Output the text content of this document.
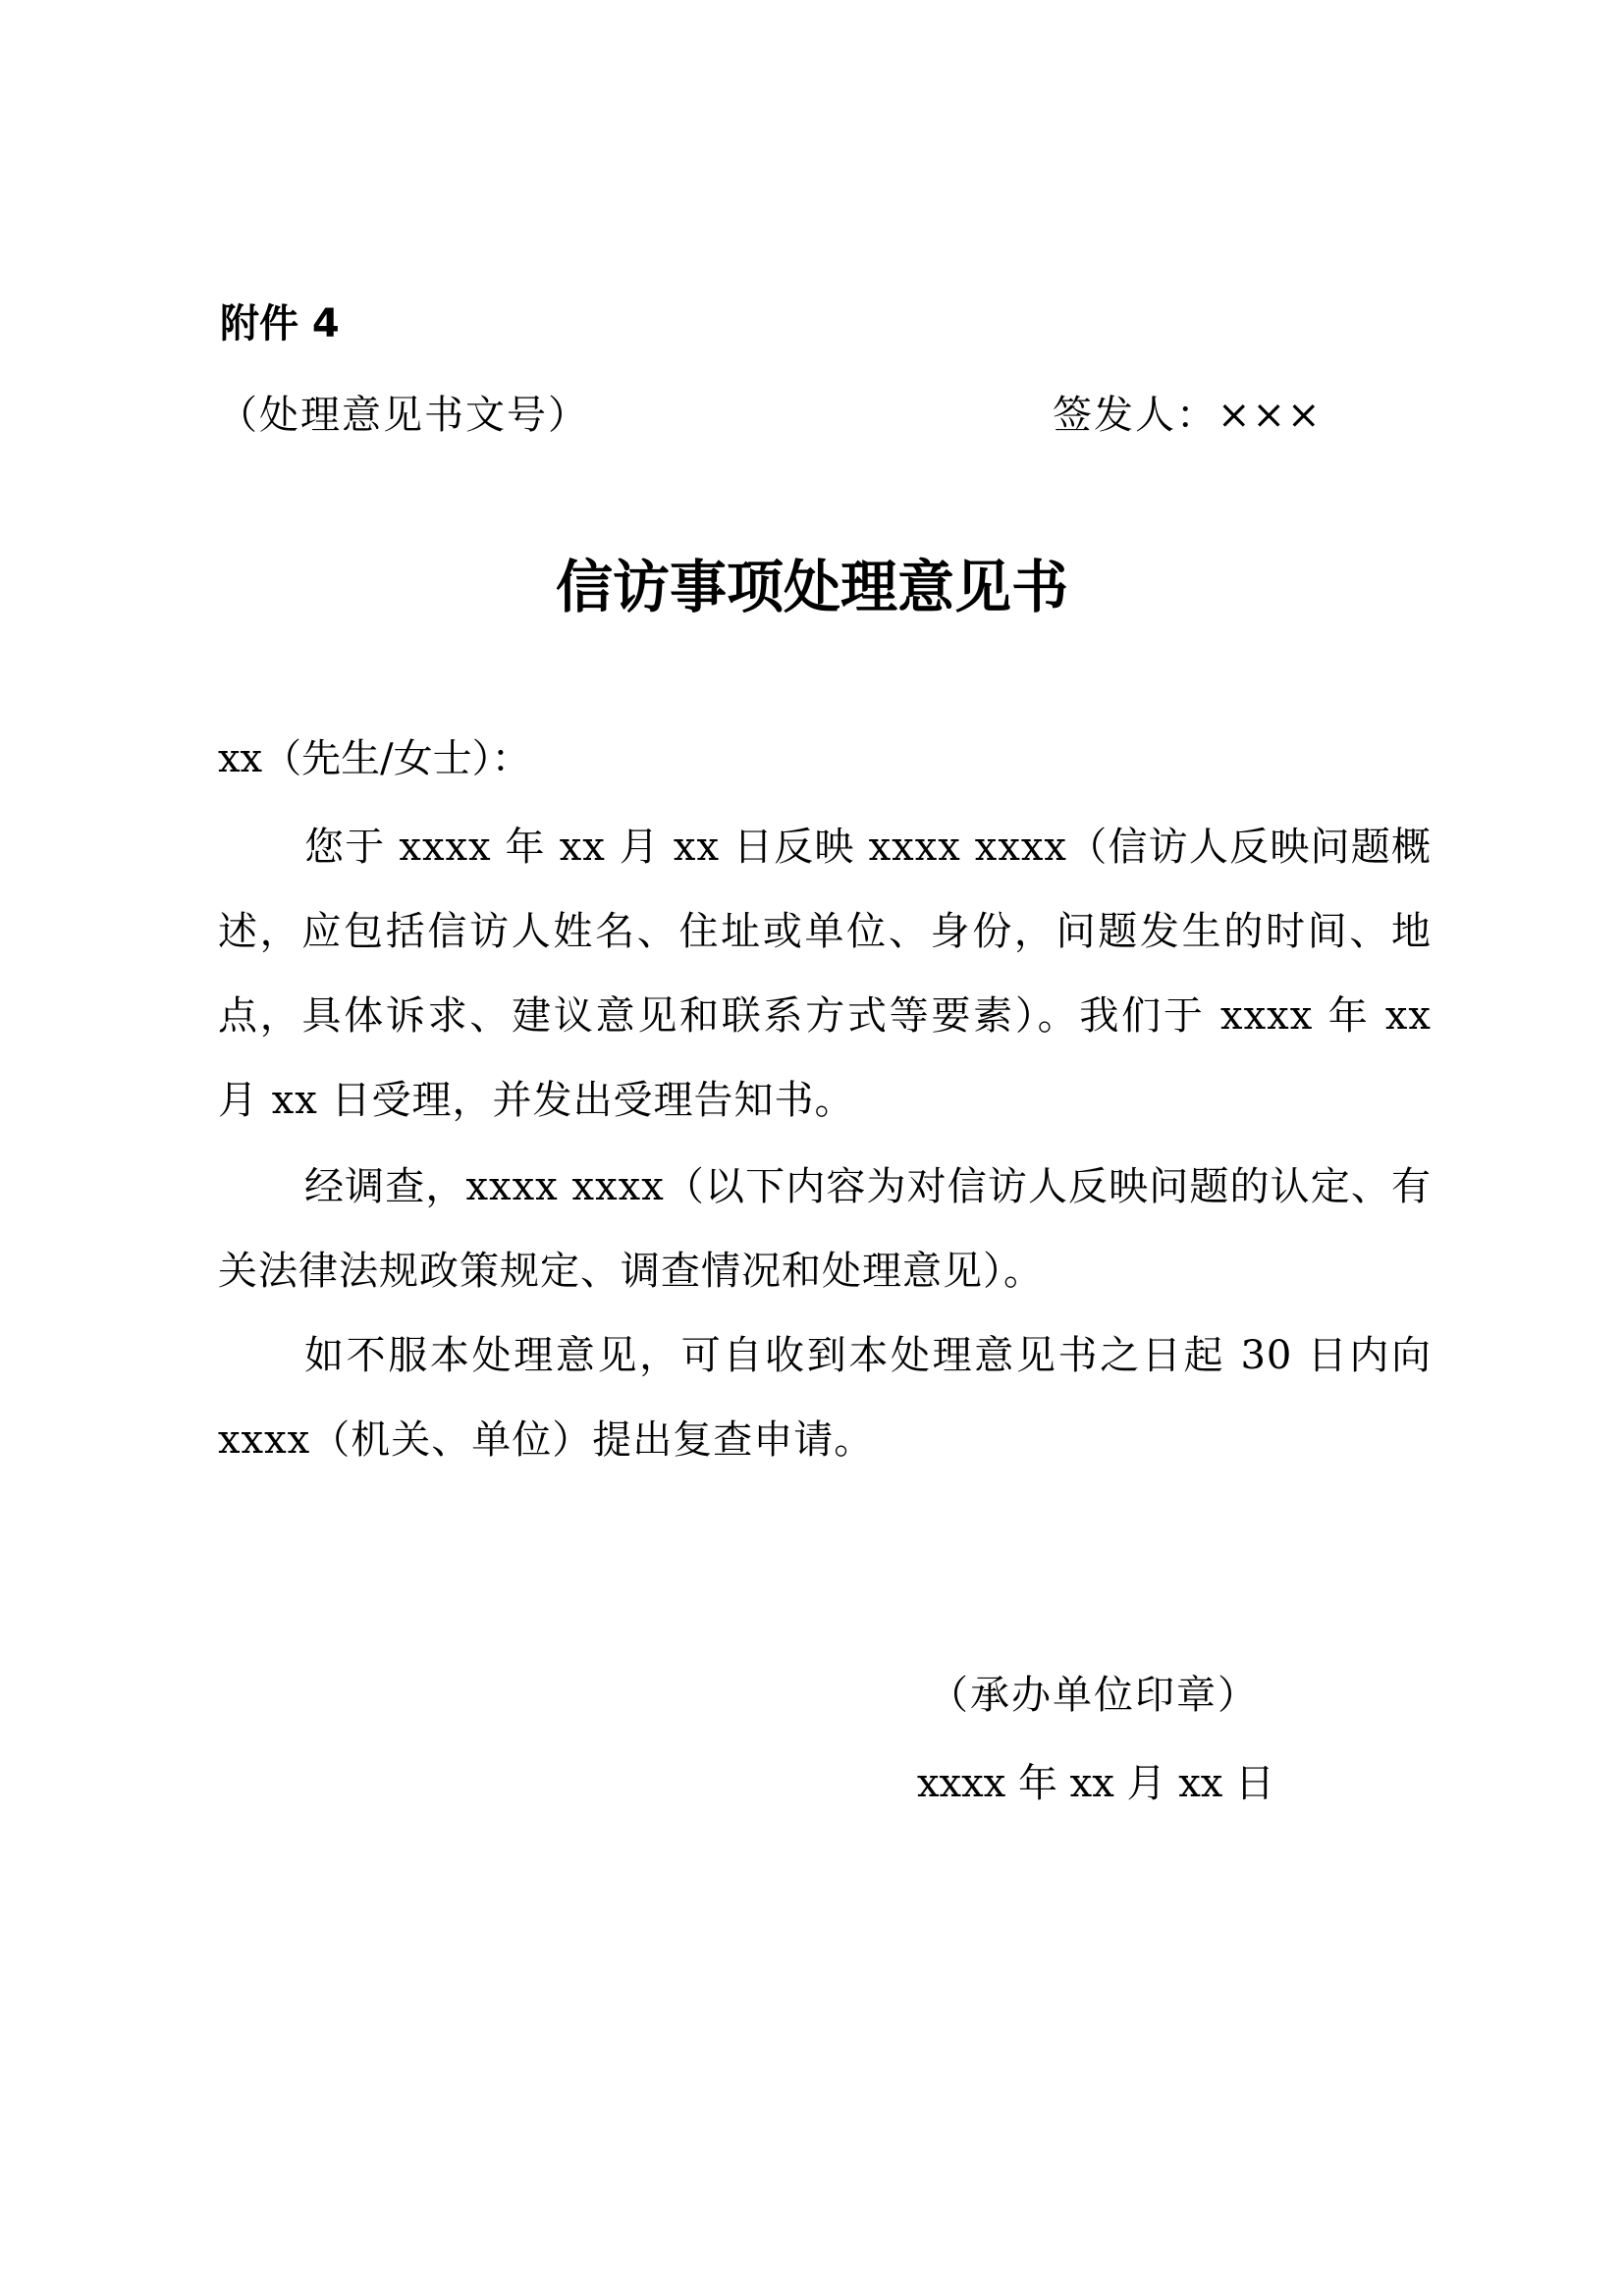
附件 4
（处理意见书文号）	签发人：×××
信访事项处理意见书
xx（先生/女士）：
您于 xxxx 年 xx 月 xx 日反映 xxxx xxxx（信访人反映问题概述，应包括信访人姓名、住址或单位、身份，问题发生的时间、地点，具体诉求、建议意见和联系方式等要素）。我们于 xxxx 年 xx 月 xx 日受理，并发出受理告知书。
经调查，xxxx xxxx（以下内容为对信访人反映问题的认定、有关法律法规政策规定、调查情况和处理意见）。
如不服本处理意见，可自收到本处理意见书之日起 30 日内向 xxxx（机关、单位）提出复查申请。
（承办单位印章）
xxxx 年 xx 月 xx 日
